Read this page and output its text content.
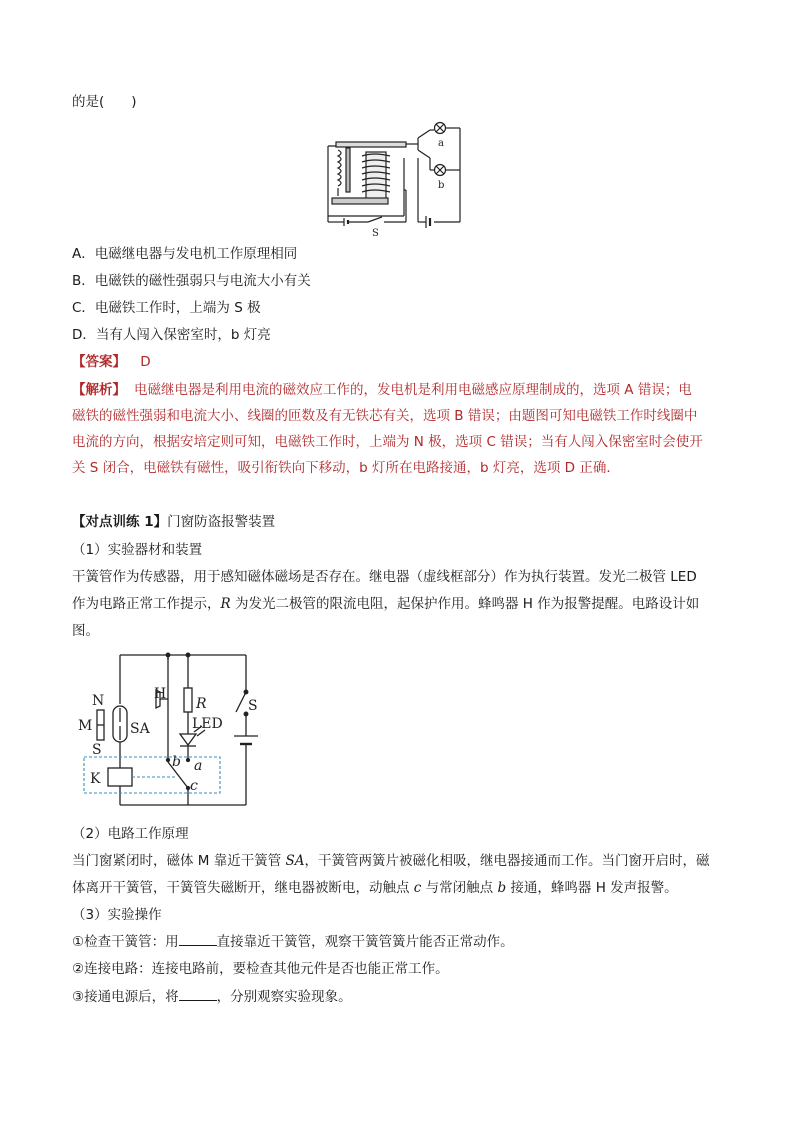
的是(　　)
a
b
S
A．电磁继电器与发电机工作原理相同
B．电磁铁的磁性强弱只与电流大小有关
C．电磁铁工作时，上端为 S 极
D．当有人闯入保密室时，b 灯亮
【答案】 D
【解析】 电磁继电器是利用电流的磁效应工作的，发电机是利用电磁感应原理制成的，选项 A 错误；电
磁铁的磁性强弱和电流大小、线圈的匝数及有无铁芯有关，选项 B 错误；由题图可知电磁铁工作时线圈中
电流的方向，根据安培定则可知，电磁铁工作时，上端为 N 极，选项 C 错误；当有人闯入保密室时会使开
关 S 闭合，电磁铁有磁性，吸引衔铁向下移动，b 灯所在电路接通，b 灯亮，选项 D 正确．
【对点训练 1】门窗防盗报警装置
（1）实验器材和装置
干簧管作为传感器，用于感知磁体磁场是否存在。继电器（虚线框部分）作为执行装置。发光二极管 LED
作为电路正常工作提示，R 为发光二极管的限流电阻，起保护作用。蜂鸣器 H 作为报警提醒。电路设计如
图。
N
M
S
SA
H
R
LED
b a
c
K
S
（2）电路工作原理
当门窗紧闭时，磁体 M 靠近干簧管 SA，干簧管两簧片被磁化相吸，继电器接通而工作。当门窗开启时，磁
体离开干簧管，干簧管失磁断开，继电器被断电，动触点 c 与常闭触点 b 接通，蜂鸣器 H 发声报警。
（3）实验操作
①检查干簧管：用	直接靠近干簧管，观察干簧管簧片能否正常动作。
②连接电路：连接电路前，要检查其他元件是否也能正常工作。
③接通电源后，将	，分别观察实验现象。
